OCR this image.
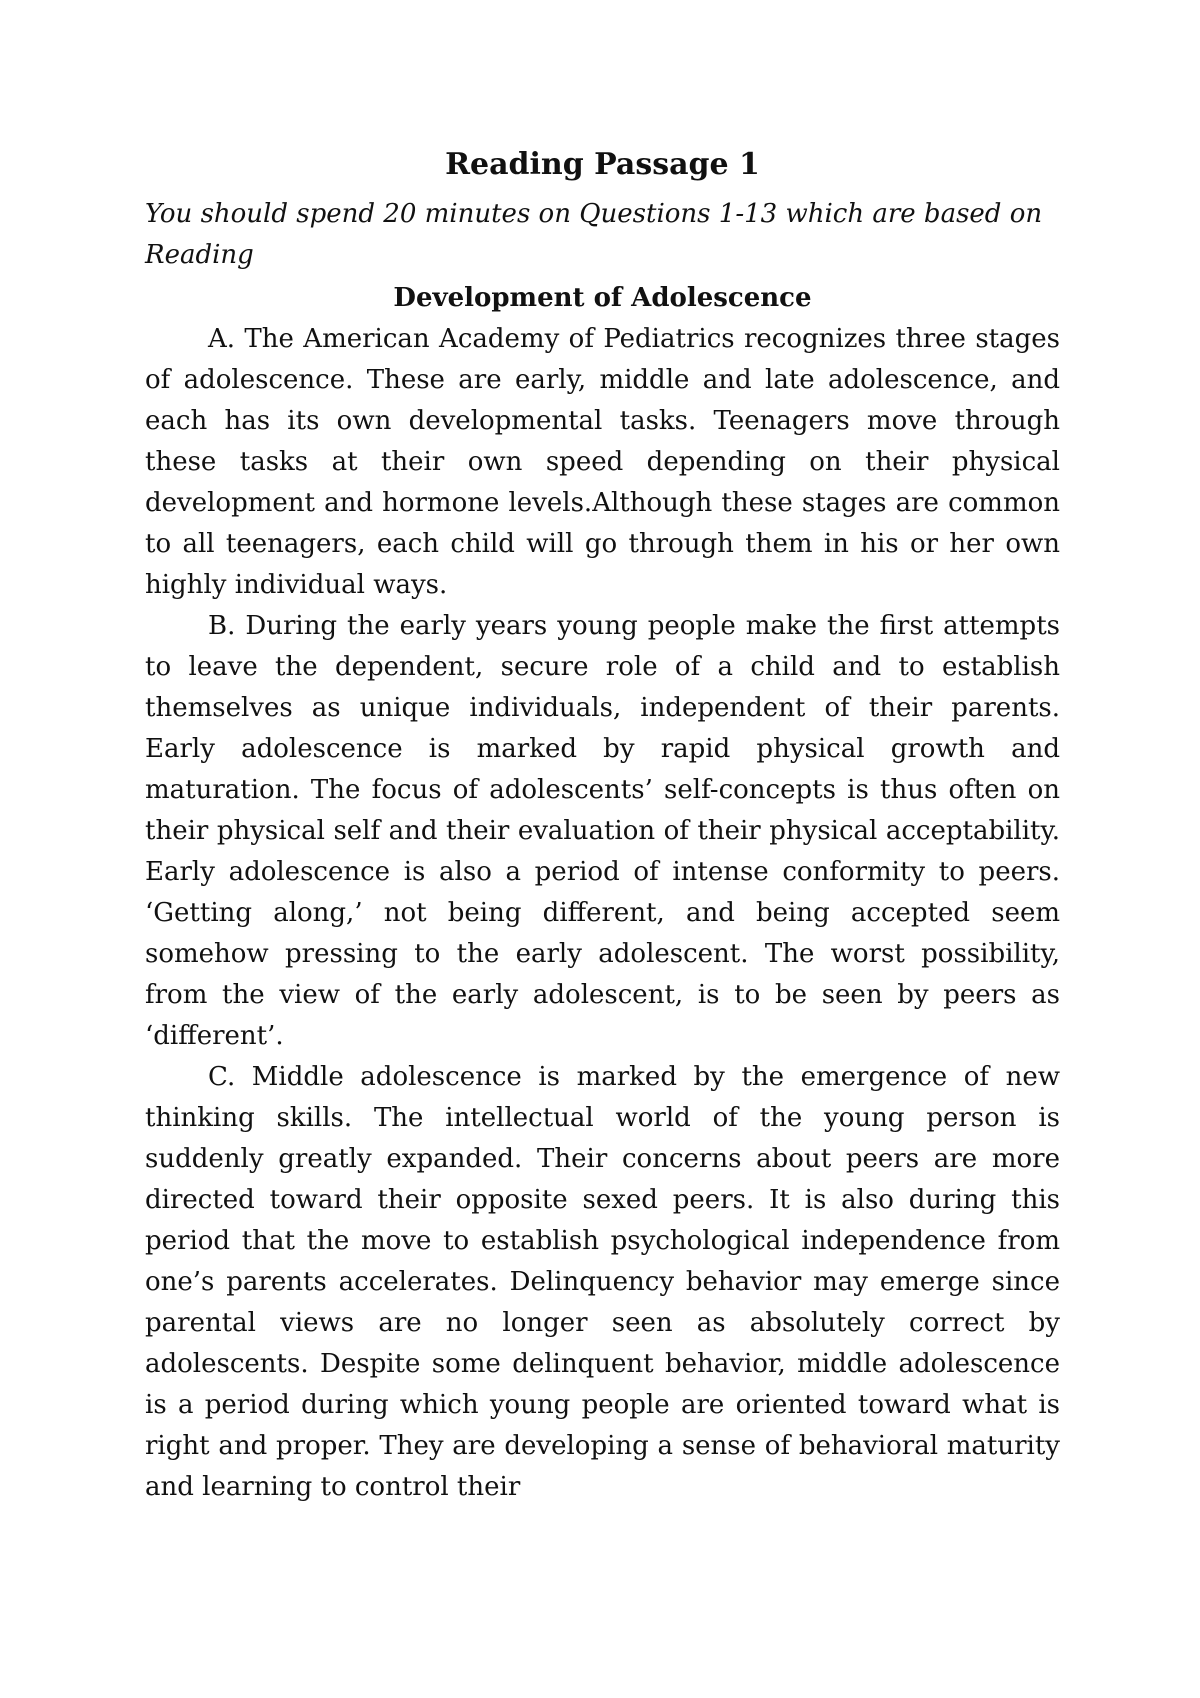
Reading Passage 1
You should spend 20 minutes on Questions 1-13 which are based on Reading
Development of Adolescence

A. The American Academy of Pediatrics recognizes three stages of adolescence. These are early, middle and late adolescence, and each has its own developmental tasks. Teenagers move through these tasks at their own speed depending on their physical development and hormone levels.Although these stages are common to all teenagers, each child will go through them in his or her own highly individual ways.

B. During the early years young people make the first attempts to leave the dependent, secure role of a child and to establish themselves as unique individuals, independent of their parents. Early adolescence is marked by rapid physical growth and maturation. The focus of adolescents’ self-concepts is thus often on their physical self and their evaluation of their physical acceptability. Early adolescence is also a period of intense conformity to peers. ‘Getting along,’ not being different, and being accepted seem somehow pressing to the early adolescent. The worst possibility, from the view of the early adolescent, is to be seen by peers as ‘different’.

C. Middle adolescence is marked by the emergence of new thinking skills. The intellectual world of the young person is suddenly greatly expanded. Their concerns about peers are more directed toward their opposite sexed peers. It is also during this period that the move to establish psychological independence from one’s parents accelerates. Delinquency behavior may emerge since parental views are no longer seen as absolutely correct by adolescents. Despite some delinquent behavior, middle adolescence is a period during which young people are oriented toward what is right and proper. They are developing a sense of behavioral maturity and learning to control their
